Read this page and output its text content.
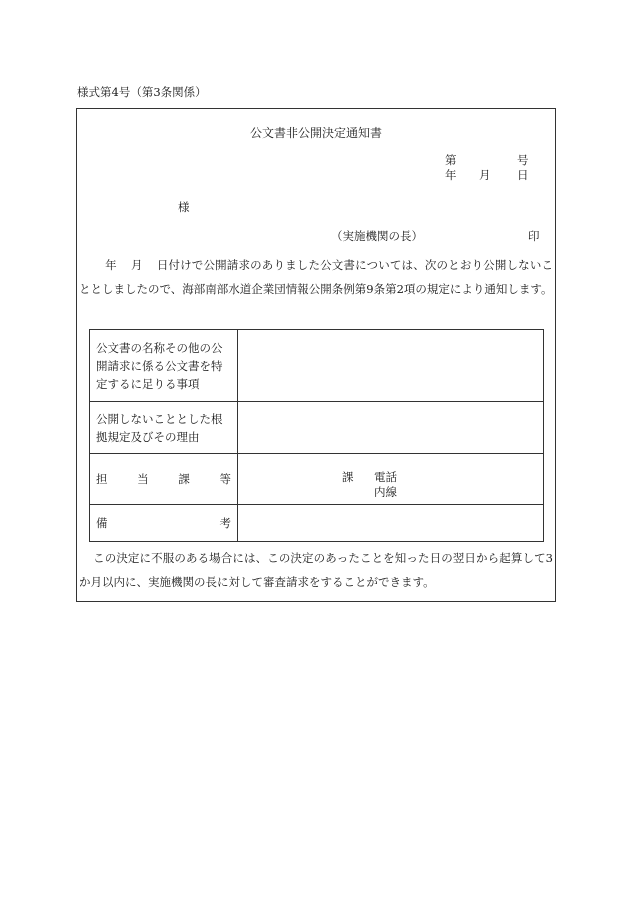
様式第4号（第3条関係）
公文書非公開決定通知書
第	号
年 月 日
様
（実施機関の長）	印
年 月 日付けで公開請求のありました公文書については、次のとおり公開しないこととしましたので、海部南部水道企業団情報公開条例第9条第2項の規定により通知します。
公文書の名称その他の公開請求に係る公文書を特定するに足りる事項	
公開しないこととした根拠規定及びその理由	

担 当 課 等	課 電話
内線

備 考	

この決定に不服のある場合には、この決定のあったことを知った日の翌日から起算して3か月以内に、実施機関の長に対して審査請求をすることができます。
